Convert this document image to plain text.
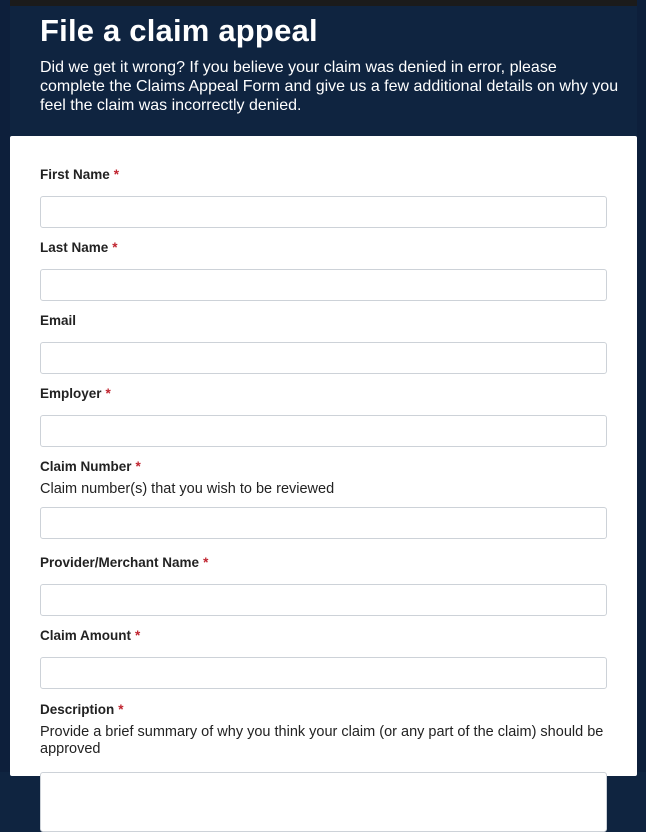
File a claim appeal

Did we get it wrong? If you believe your claim was denied in error, please complete the Claims Appeal Form and give us a few additional details on why you feel the claim was incorrectly denied.

First Name *
Last Name *
Email
Employer *
Claim Number *
Claim number(s) that you wish to be reviewed
Provider/Merchant Name *
Claim Amount *
Description *
Provide a brief summary of why you think your claim (or any part of the claim) should be approved
